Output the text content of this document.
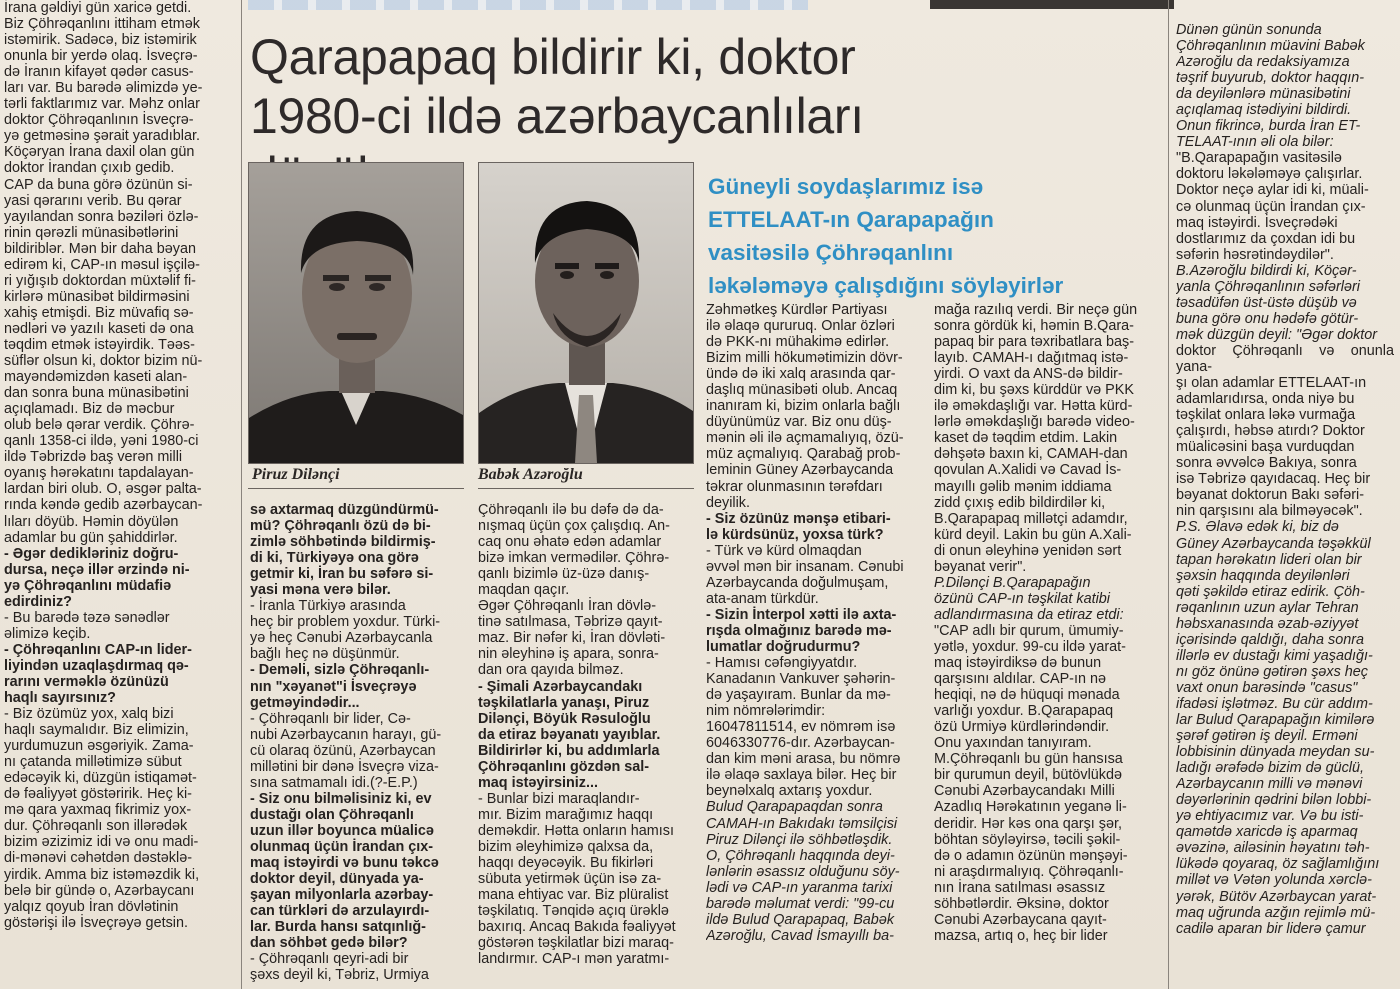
İrana gəldiyi gün xaricə getdi.

Biz Çöhrəqanlını ittiham etmək

istəmirik. Sadəcə, biz istəmirik

onunla bir yerdə olaq. İsveçrə-

də İranın kifayət qədər casus-

ları var. Bu barədə əlimizdə ye-

tərli faktlarımız var. Məhz onlar

doktor Çöhrəqanlının İsveçrə-

yə getməsinə şərait yaradıblar.

Köçəryan İrana daxil olan gün

doktor İrandan çıxıb gedib.

CAP da buna görə özünün si-

yasi qərarını verib. Bu qərar

yayılandan sonra bəziləri özlə-

rinin qərəzli münasibətlərini

bildiriblər. Mən bir daha bəyan

edirəm ki, CAP-ın məsul işçilə-

ri yığışıb doktordan müxtəlif fi-

kirlərə münasibət bildirməsini

xahiş etmişdi. Biz müvafiq sə-

nədləri və yazılı kaseti də ona

təqdim etmək istəyirdik. Təəs-

süflər olsun ki, doktor bizim nü-

mayəndəmizdən kaseti alan-

dan sonra buna münasibətini

açıqlamadı. Biz də məcbur

olub belə qərar verdik. Çöhrə-

qanlı 1358-ci ildə, yəni 1980-ci

ildə Təbrizdə baş verən milli

oyanış hərəkatını tapdalayan-

lardan biri olub. O, əsgər palta-

rında kəndə gedib azərbaycan-

lıları döyüb. Həmin döyülən

adamlar bu gün şahiddirlər.

- Əgər dedikləriniz doğru-

dursa, neçə illər ərzində ni-

yə Çöhrəqanlını müdafiə

edirdiniz?

- Bu barədə təzə sənədlər

əlimizə keçib.

- Çöhrəqanlını CAP-ın lider-

liyindən uzaqlaşdırmaq qə-

rarını verməklə özünüzü

haqlı sayırsınız?

- Biz özümüz yox, xalq bizi

haqlı saymalıdır. Biz elimizin,

yurdumuzun əsgəriyik. Zama-

nı çatanda millətimizə sübut

edəcəyik ki, düzgün istiqamət-

də fəaliyyət göstəririk. Heç ki-

mə qara yaxmaq fikrimiz yox-

dur. Çöhrəqanlı son illərədək

bizim əzizimiz idi və onu madi-

di-mənəvi cəhətdən dəstəklə-

yirdik. Amma biz istəməzdik ki,

belə bir gündə o, Azərbaycanı

yalqız qoyub İran dövlətinin

göstərişi ilə İsveçrəyə getsin.

Qarapapaq bildirir ki, doktor
1980-ci ildə azərbaycanlıları
Piruz Dilənçi	Babək Azəroğlu
Güneyli soydaşlarımız isə
ETTELAAT-ın Qarapapağın
vasitəsilə Çöhrəqanlını
ləkələməyə çalışdığını söyləyirlər

sə axtarmaq düzgündürmü-

mü? Çöhrəqanlı özü də bi-

zimlə söhbətində bildirmiş-

di ki, Türkiyəyə ona görə

getmir ki, İran bu səfərə si-

yasi məna verə bilər.

- İranla Türkiyə arasında

heç bir problem yoxdur. Türki-

yə heç Cənubi Azərbaycanla

bağlı heç nə düşünmür.

- Deməli, sizlə Çöhrəqanlı-

nın "xəyanət"i İsveçrəyə

getməyindədir...

- Çöhrəqanlı bir lider, Cə-

nubi Azərbaycanın harayı, gü-

cü olaraq özünü, Azərbaycan

millətini bir dənə İsveçrə viza-

sına satmamalı idi.(?-E.P.)

- Siz onu bilməlisiniz ki, ev

dustağı olan Çöhrəqanlı

uzun illər boyunca müalicə

olunmaq üçün İrandan çıx-

maq istəyirdi və bunu təkcə

doktor deyil, dünyada ya-

şayan milyonlarla azərbay-

can türkləri də arzulayırdı-

lar. Burda hansı satqınlığ-

dan söhbət gedə bilər?

- Çöhrəqanlı qeyri-adi bir

şəxs deyil ki, Təbriz, Urmiya

Çöhrəqanlı ilə bu dəfə də da-

nışmaq üçün çox çalışdıq. An-

caq onu əhatə edən adamlar

bizə imkan vermədilər. Çöhrə-

qanlı bizimlə üz-üzə danış-

maqdan qaçır.

Əgər Çöhrəqanlı İran dövlə-

tinə satılmasa, Təbrizə qayıt-

maz. Bir nəfər ki, İran dövləti-

nin əleyhinə iş apara, sonra-

dan ora qayıda bilməz.

- Şimali Azərbaycandakı

təşkilatlarla yanaşı, Piruz

Dilənçi, Böyük Rəsuloğlu

da etiraz bəyanatı yayıblar.

Bildirirlər ki, bu addımlarla

Çöhrəqanlını gözdən sal-

maq istəyirsiniz...

- Bunlar bizi maraqlandır-

mır. Bizim marağımız haqqı

deməkdir. Hətta onların hamısı

bizim əleyhimizə qalxsa da,

haqqı deyəcəyik. Bu fikirləri

sübuta yetirmək üçün isə za-

mana ehtiyac var. Biz plüralist

təşkilatıq. Tənqidə açıq ürəklə

baxırıq. Ancaq Bakıda fəaliyyət

göstərən təşkilatlar bizi maraq-

landırmır. CAP-ı mən yaratmı-

Zəhmətkeş Kürdlər Partiyası

ilə əlaqə qururuq. Onlar özləri

də PKK-nı mühakimə edirlər.

Bizim milli hökumətimizin dövr-

ündə də iki xalq arasında qar-

daşlıq münasibəti olub. Ancaq

inanıram ki, bizim onlarla bağlı

düyünümüz var. Biz onu düş-

mənin əli ilə açmamalıyıq, özü-

müz açmalıyıq. Qarabağ prob-

leminin Güney Azərbaycanda

təkrar olunmasının tərəfdarı

deyilik.

- Siz özünüz mənşə etibari-

lə kürdsünüz, yoxsa türk?

- Türk və kürd olmaqdan

əvvəl mən bir insanam. Cənubi

Azərbaycanda doğulmuşam,

ata-anam türkdür.

- Sizin İnterpol xətti ilə axta-

rışda olmağınız barədə mə-

lumatlar doğrudurmu?

- Hamısı cəfəngiyyatdır.

Kanadanın Vankuver şəhərin-

də yaşayıram. Bunlar da mə-

nim nömrələrimdir:

16047811514, ev nömrəm isə

6046330776-dır. Azərbaycan-

dan kim məni arasa, bu nömrə

ilə əlaqə saxlaya bilər. Heç bir

beynəlxalq axtarış yoxdur.

Bulud Qarapapaqdan sonra

CAMAH-ın Bakıdakı təmsilçisi

Piruz Dilənçi ilə söhbətləşdik.

O, Çöhrəqanlı haqqında deyi-

lənlərin əsassız olduğunu söy-

lədi və CAP-ın yaranma tarixi

barədə məlumat verdi: "99-cu

ildə Bulud Qarapapaq, Babək

Azəroğlu, Cavad İsmayıllı ba-

mağa razılıq verdi. Bir neçə gün

sonra gördük ki, həmin B.Qara-

papaq bir para təxribatlara baş-

layıb. CAMAH-ı dağıtmaq istə-

yirdi. O vaxt da ANS-də bildir-

dim ki, bu şəxs kürddür və PKK

ilə əməkdaşlığı var. Hətta kürd-

lərlə əməkdaşlığı barədə video-

kaset də təqdim etdim. Lakin

dəhşətə baxın ki, CAMAH-dan

qovulan A.Xalidi və Cavad İs-

mayıllı gəlib mənim iddiama

zidd çıxış edib bildirdilər ki,

B.Qarapapaq millətçi adamdır,

kürd deyil. Lakin bu gün A.Xali-

di onun əleyhinə yenidən sərt

bəyanat verir".

P.Dilənçi B.Qarapapağın

özünü CAP-ın təşkilat katibi

adlandırmasına da etiraz etdi:

"CAP adlı bir qurum, ümumiy-

yətlə, yoxdur. 99-cu ildə yarat-

maq istəyirdiksə də bunun

qarşısını aldılar. CAP-ın nə

heqiqi, nə də hüquqi mənada

varlığı yoxdur. B.Qarapapaq

özü Urmiyə kürdlərindəndir.

Onu yaxından tanıyıram.

M.Çöhrəqanlı bu gün hansısa

bir qurumun deyil, bütövlükdə

Cənubi Azərbaycandakı Milli

Azadlıq Hərəkatının yeganə li-

deridir. Hər kəs ona qarşı şər,

böhtan söyləyirsə, təcili şəkil-

də o adamın özünün mənşəyi-

ni araşdırmalıyıq. Çöhrəqanlı-

nın İrana satılması əsassız

söhbətlərdir. Əksinə, doktor

Cənubi Azərbaycana qayıt-

mazsa, artıq o, heç bir lider

Dünən günün sonunda

Çöhrəqanlının müavini Babək

Azəroğlu da redaksiyamıza

təşrif buyurub, doktor haqqın-

da deyilənlərə münasibətini

açıqlamaq istədiyini bildirdi.

Onun fikrincə, burda İran ET-

TELAAT-ının əli ola bilər:

"B.Qarapapağın vasitəsilə

doktoru ləkələməyə çalışırlar.

Doktor neçə aylar idi ki, müali-

cə olunmaq üçün İrandan çıx-

maq istəyirdi. İsveçrədəki

dostlarımız da çoxdan idi bu

səfərin həsrətindəydilər".

B.Azəroğlu bildirdi ki, Köçər-

yanla Çöhrəqanlının səfərləri

təsadüfən üst-üstə düşüb və

buna görə onu hədəfə götür-

mək düzgün deyil: "Əgər doktor

doktor Çöhrəqanlı və onunla yana-

şı olan adamlar ETTELAAT-ın

adamlarıdırsa, onda niyə bu

təşkilat onlara ləkə vurmağa

çalışırdı, həbsə atırdı? Doktor

müalicəsini başa vurduqdan

sonra əvvəlcə Bakıya, sonra

isə Təbrizə qayıdacaq. Heç bir

bəyanat doktorun Bakı səfəri-

nin qarşısını ala bilməyəcək".

P.S. Əlavə edək ki, biz də

Güney Azərbaycanda təşəkkül

tapan hərəkatın lideri olan bir

şəxsin haqqında deyilənləri

qəti şəkildə etiraz edirik. Çöh-

rəqanlının uzun aylar Tehran

həbsxanasında əzab-əziyyət

içərisində qaldığı, daha sonra

illərlə ev dustağı kimi yaşadığı-

nı göz önünə gətirən şəxs heç

vaxt onun barəsində "casus"

ifadəsi işlətməz. Bu cür addım-

lar Bulud Qarapapağın kimilərə

şərəf gətirən iş deyil. Erməni

lobbisinin dünyada meydan su-

ladığı ərəfədə bizim də güclü,

Azərbaycanın milli və mənəvi

dəyərlərinin qədrini bilən lobbi-

yə ehtiyacımız var. Və bu isti-

qamətdə xaricdə iş aparmaq

əvəzinə, ailəsinin həyatını təh-

lükədə qoyaraq, öz sağlamlığını

millət və Vətən yolunda xərclə-

yərək, Bütöv Azərbaycan yarat-

maq uğrunda azğın rejimlə mü-

cadilə aparan bir liderə çamur
